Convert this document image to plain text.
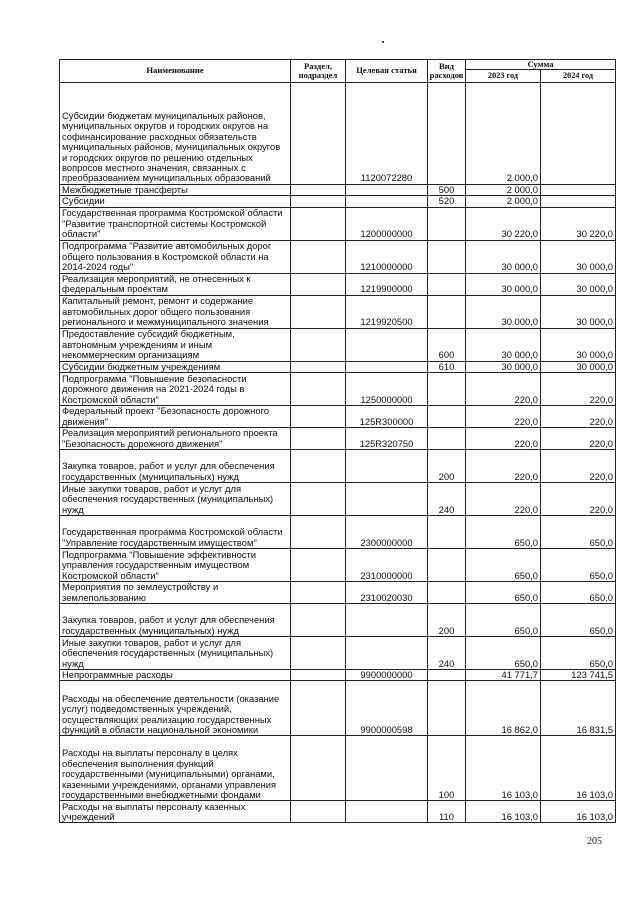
Наименование	Раздел, подраздел	Целевая статья	Вид расходов	Сумма	
				2023 год	2024 год
Субсидии бюджетам муниципальных районов, муниципальных округов и городских округов на софинансирование расходных обязательств муниципальных районов, муниципальных округов и городских округов по решению отдельных вопросов местного значения, связанных с преобразованием муниципальных образований		1120072280		2 000,0	
Межбюджетные трансферты			500	2 000,0	
Субсидии			520	2 000,0	
Государственная программа Костромской области "Развитие транспортной системы Костромской области"		1200000000		30 220,0	30 220,0
Подпрограмма "Развитие автомобильных дорог общего пользования в Костромской области на 2014-2024 годы"		1210000000		30 000,0	30 000,0
Реализация мероприятий, не отнесенных к федеральным проектам		1219900000		30 000,0	30 000,0
Капитальный ремонт, ремонт и содержание автомобильных дорог общего пользования регионального и межмуниципального значения		1219920500		30 000,0	30 000,0
Предоставление субсидий бюджетным, автономным учреждениям и иным некоммерческим организациям			600	30 000,0	30 000,0
Субсидии бюджетным учреждениям			610	30 000,0	30 000,0
Подпрограмма "Повышение безопасности дорожного движения на 2021-2024 годы в Костромской области"		1250000000		220,0	220,0
Федеральный проект "Безопасность дорожного движения"		125R300000		220,0	220,0
Реализация мероприятий регионального проекта "Безопасность дорожного движения"		125R320750		220,0	220,0
Закупка товаров, работ и услуг для обеспечения государственных (муниципальных) нужд			200	220,0	220,0
Иные закупки товаров, работ и услуг для обеспечения государственных (муниципальных) нужд			240	220,0	220,0
Государственная программа Костромской области "Управление государственным имуществом"		2300000000		650,0	650,0
Подпрограмма "Повышение эффективности управления государственным имуществом Костромской области"		2310000000		650,0	650,0
Мероприятия по землеустройству и землепользованию		2310020030		650,0	650,0
Закупка товаров, работ и услуг для обеспечения государственных (муниципальных) нужд			200	650,0	650,0
Иные закупки товаров, работ и услуг для обеспечения государственных (муниципальных) нужд			240	650,0	650,0
Непрограммные расходы		9900000000		41 771,7	123 741,5
Расходы на обеспечение деятельности (оказание услуг) подведомственных учреждений, осуществляющих реализацию государственных функций в области национальной экономики		9900000598		16 862,0	16 831,5
Расходы на выплаты персоналу в целях обеспечения выполнения функций государственными (муниципальными) органами, казенными учреждениями, органами управления государственными внебюджетными фондами			100	16 103,0	16 103,0
Расходы на выплаты персоналу казенных учреждений			110	16 103,0	16 103,0
205
